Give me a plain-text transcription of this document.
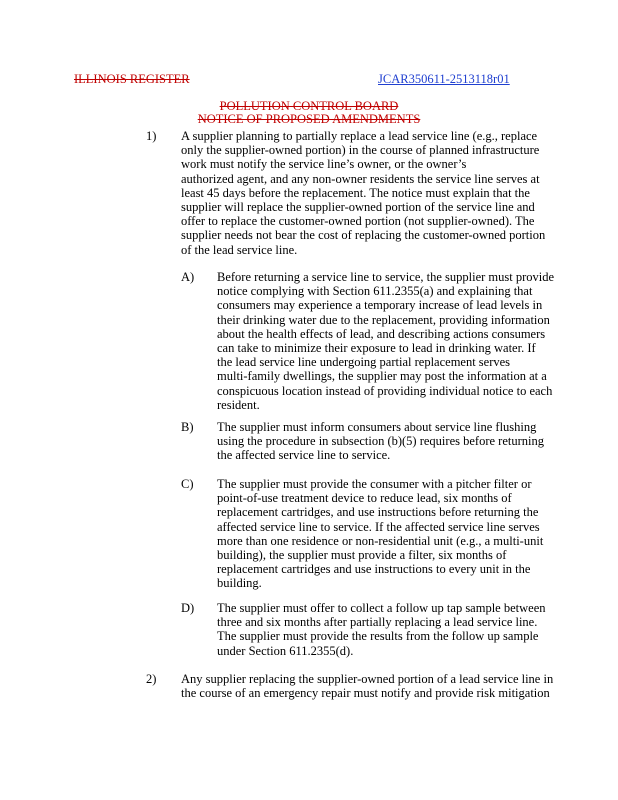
ILLINOIS REGISTER	JCAR350611-2513118r01
POLLUTION CONTROL BOARD
NOTICE OF PROPOSED AMENDMENTS
1) A supplier planning to partially replace a lead service line (e.g., replace
only the supplier-owned portion) in the course of planned infrastructure
work must notify the service line’s owner, or the owner’s
authorized agent, and any non-owner residents the service line serves at
least 45 days before the replacement. The notice must explain that the
supplier will replace the supplier-owned portion of the service line and
offer to replace the customer-owned portion (not supplier-owned). The
supplier needs not bear the cost of replacing the customer-owned portion
of the lead service line.
A) Before returning a service line to service, the supplier must provide
notice complying with Section 611.2355(a) and explaining that
consumers may experience a temporary increase of lead levels in
their drinking water due to the replacement, providing information
about the health effects of lead, and describing actions consumers
can take to minimize their exposure to lead in drinking water. If
the lead service line undergoing partial replacement serves
multi-family dwellings, the supplier may post the information at a
conspicuous location instead of providing individual notice to each
resident.
B) The supplier must inform consumers about service line flushing
using the procedure in subsection (b)(5) requires before returning
the affected service line to service.
C) The supplier must provide the consumer with a pitcher filter or
point-of-use treatment device to reduce lead, six months of
replacement cartridges, and use instructions before returning the
affected service line to service. If the affected service line serves
more than one residence or non-residential unit (e.g., a multi-unit
building), the supplier must provide a filter, six months of
replacement cartridges and use instructions to every unit in the
building.
D) The supplier must offer to collect a follow up tap sample between
three and six months after partially replacing a lead service line.
The supplier must provide the results from the follow up sample
under Section 611.2355(d).
2) Any supplier replacing the supplier-owned portion of a lead service line in
the course of an emergency repair must notify and provide risk mitigation
